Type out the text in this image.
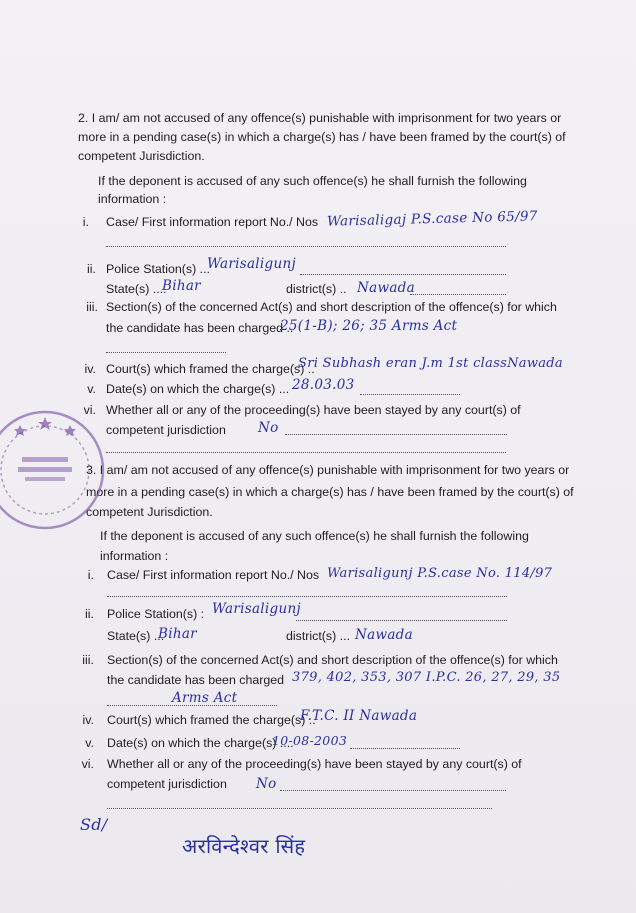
2. I am/ am not accused of any offence(s) punishable with imprisonment for two years or
more in a pending case(s) in which a charge(s) has / have been framed by the court(s) of
competent Jurisdiction.
If the deponent is accused of any such offence(s) he shall furnish the following
information :
i. Case/ First information report No./ Nos Warisaligaj P.S.case No 65/97
ii. Police Station(s) ...
Warisaligunj
State(s) ....
Bihar	district(s) .. Nawada
iii. Section(s) of the concerned Act(s) and short description of the offence(s) for which
the candidate has been charged ..
25(1-B); 26; 35 Arms Act
iv. Court(s) which framed the charge(s) ..
Sri Subhash eran J.m 1st classNawada
v. Date(s) on which the charge(s) ... 28.03.03
vi. Whether all or any of the proceeding(s) have been stayed by any court(s) of
competent jurisdiction No
3. I am/ am not accused of any offence(s) punishable with imprisonment for two years or
more in a pending case(s) in which a charge(s) has / have been framed by the court(s) of
competent Jurisdiction.
If the deponent is accused of any such offence(s) he shall furnish the following
information :
i. Case/ First information report No./ Nos Warisaligunj P.S.case No. 114/97
ii. Police Station(s) : Warisaligunj
State(s) ...
Bihar	district(s) ... Nawada
iii. Section(s) of the concerned Act(s) and short description of the offence(s) for which
the candidate has been charged 379, 402, 353, 307 I.P.C. 26, 27, 29, 35
Arms Act
iv. Court(s) which framed the charge(s) ..
F.T.C. II Nawada
v. Date(s) on which the charge(s) ....
10-08-2003
vi. Whether all or any of the proceeding(s) have been stayed by any court(s) of
competent jurisdiction No
Sd/
अरविन्देश्वर सिंह
